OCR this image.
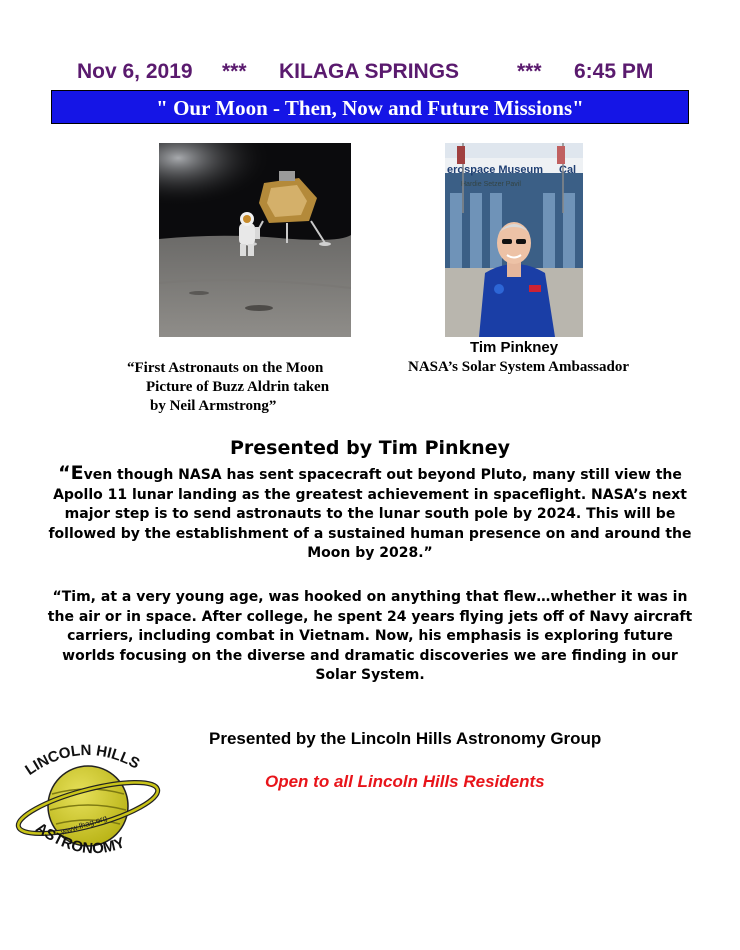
Nov 6, 2019 *** KILAGA SPRINGS	*** 6:45 PM
" Our Moon - Then, Now and Future Missions"
erospace Museum Cal
Hardie Setzer Pavil
Tim Pinkney
NASA’s Solar System Ambassador
“First Astronauts on the Moon
Picture of Buzz Aldrin taken
by Neil Armstrong”
Presented by Tim Pinkney
“Even though NASA has sent spacecraft out beyond Pluto, many still view the Apollo 11 lunar landing as the greatest achievement in spaceflight. NASA’s next major step is to send astronauts to the lunar south pole by 2024. This will be followed by the establishment of a sustained human presence on and around the Moon by 2028.”
“Tim, at a very young age, was hooked on anything that flew…whether it was in the air or in space. After college, he spent 24 years flying jets off of Navy aircraft carriers, including combat in Vietnam. Now, his emphasis is exploring future worlds focusing on the diverse and dramatic discoveries we are finding in our Solar System.
Presented by the Lincoln Hills Astronomy Group
Open to all Lincoln Hills Residents
LINCOLN HILLS
www.lhag.org
ASTRONOMY
